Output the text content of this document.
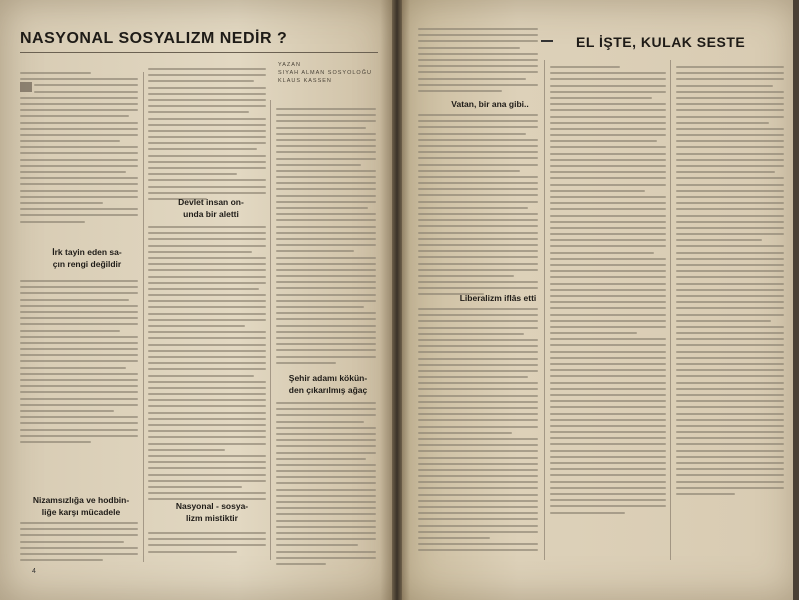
NASYONAL SOSYALIZM NEDİR ?
YAZAN
SIYAH ALMAN SOSYOLOĞU
KLAUS KASSEN
İrk tayin eden sa-
çın rengi değildir
Nizamsızlığa ve hodbin-
liğe karşı mücadele
Devlet insan on-
unda bir aletti
Nasyonal - sosya-
lizm mistiktir
Şehir adamı kökün-
den çıkarılmış ağaç
4
Vatan, bir ana gibi..
Liberalizm iflâs etti
EL İŞTE, KULAK SESTE
